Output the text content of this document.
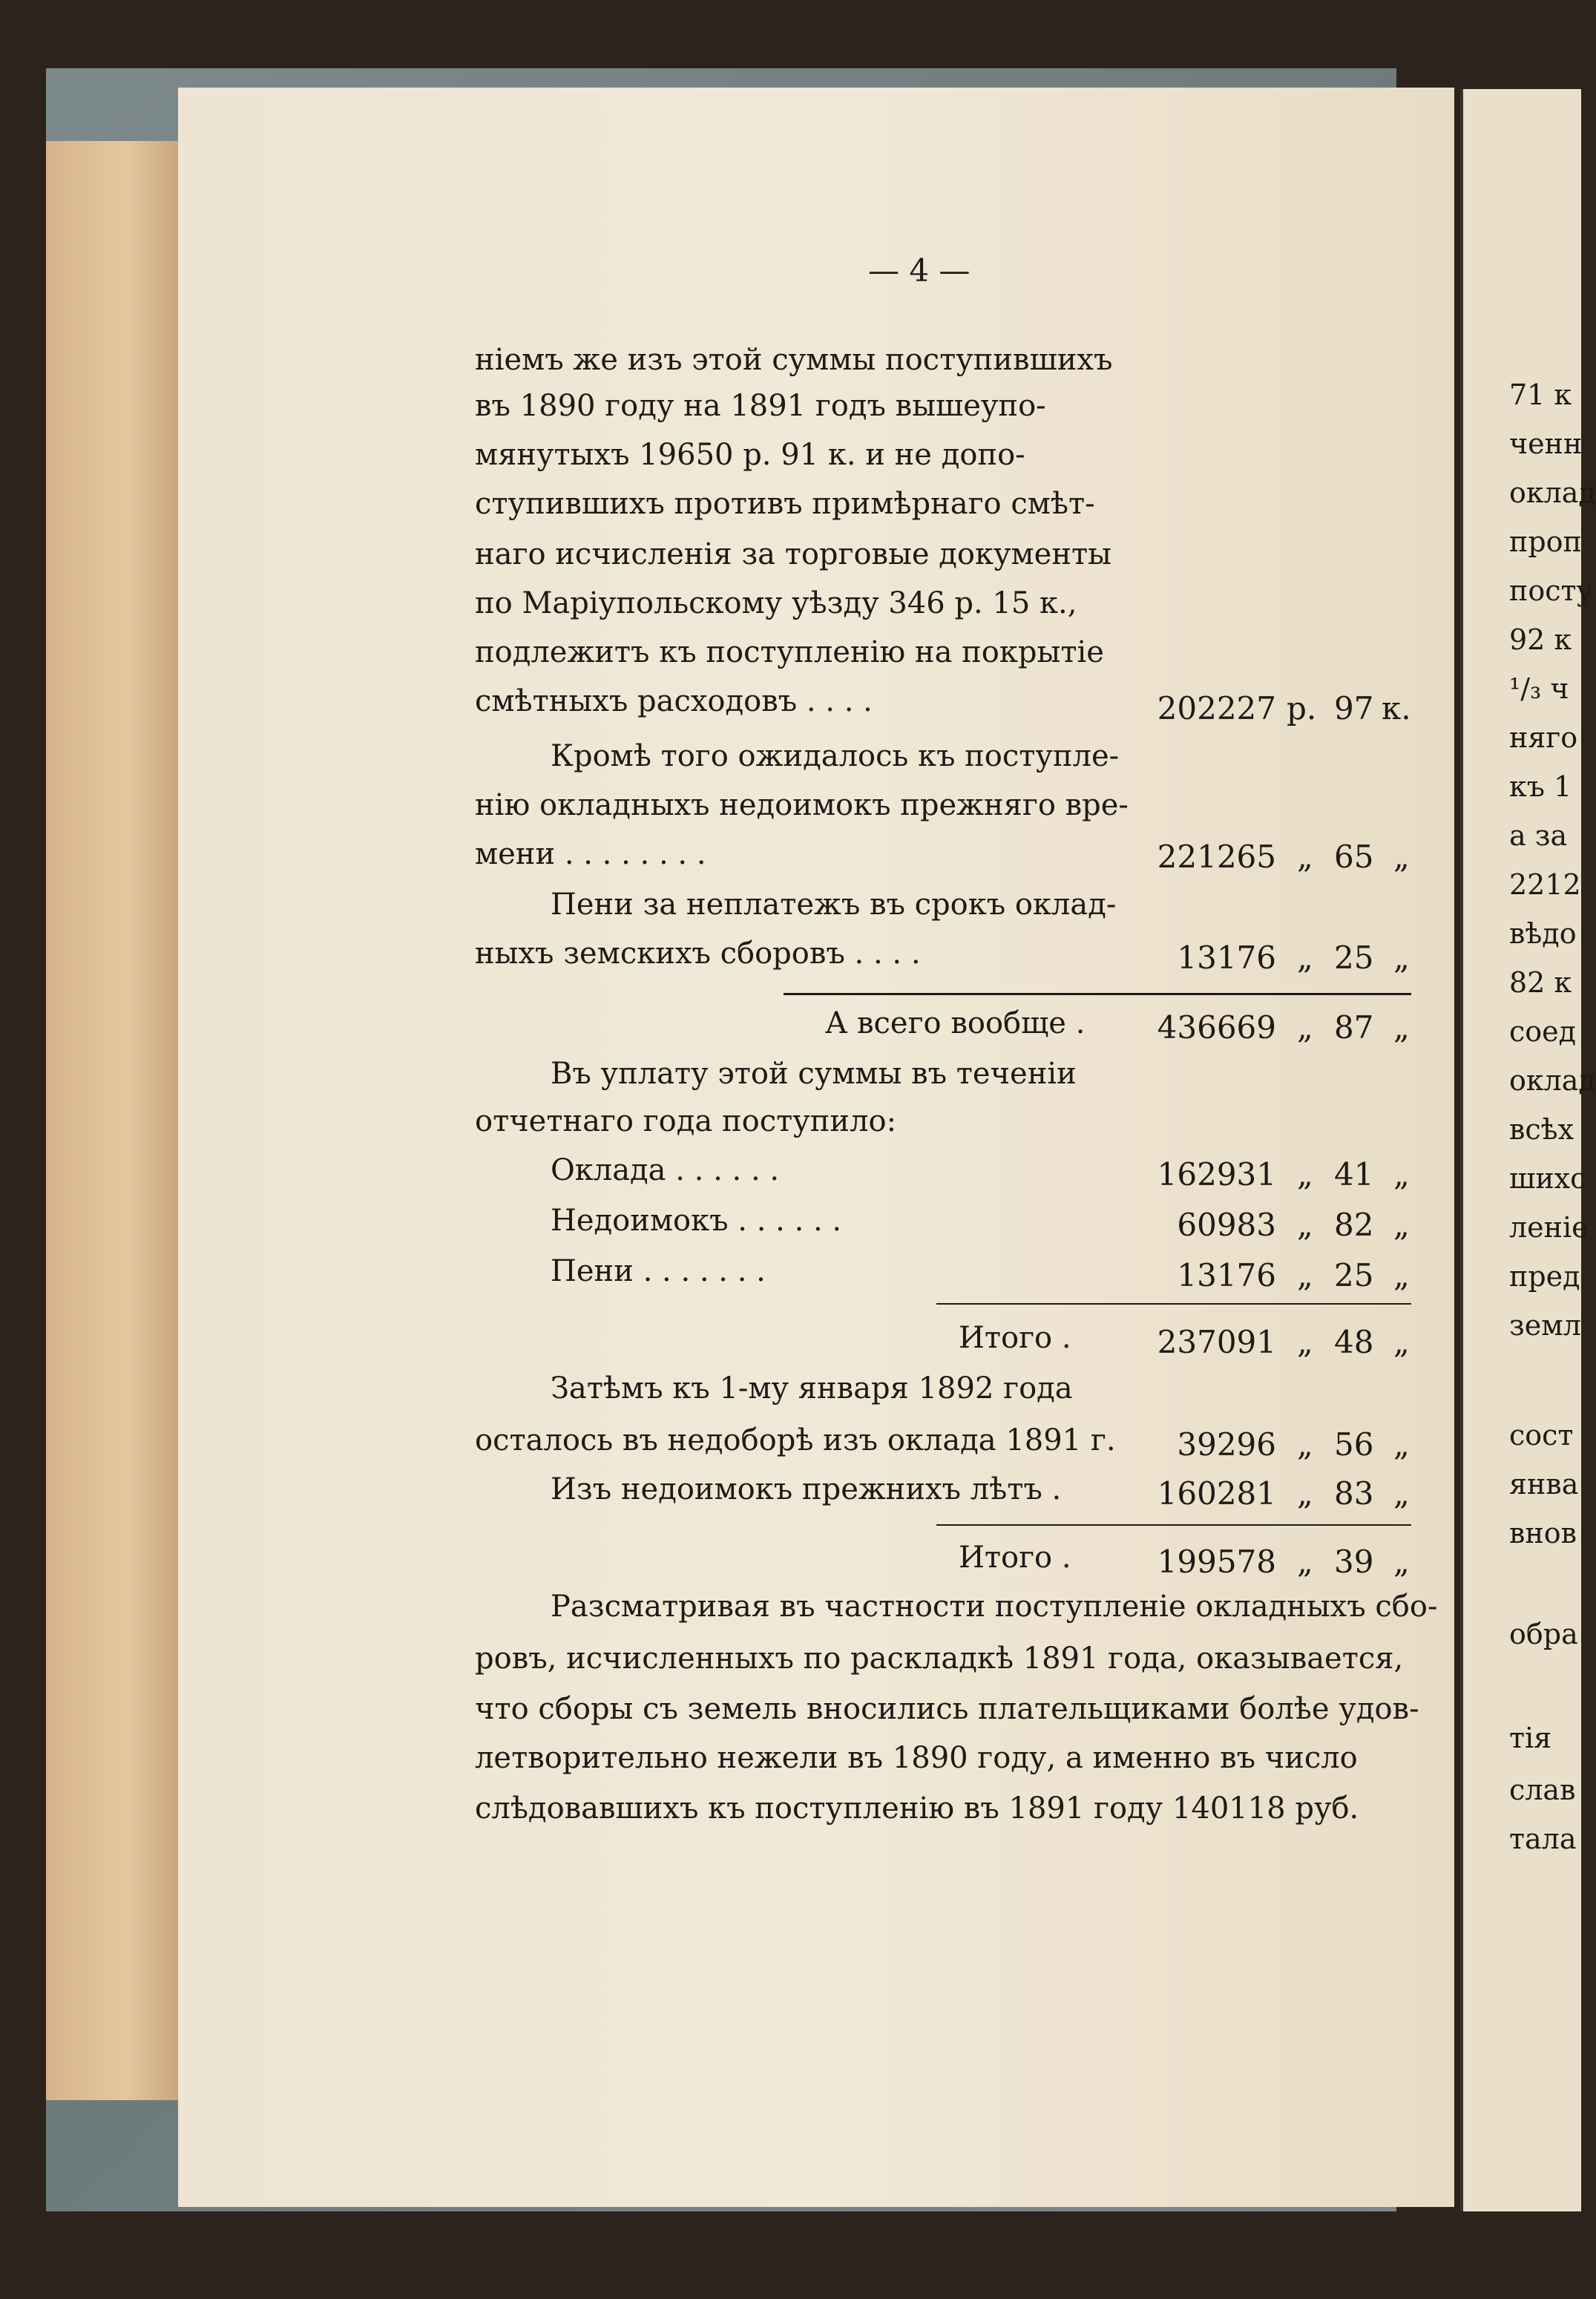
— 4 —
ніемъ же изъ этой суммы поступившихъ
въ 1890 году на 1891 годъ вышеупо-
мянутыхъ 19650 р. 91 к. и не допо-
ступившихъ противъ примѣрнаго смѣт-
наго исчисленія за торговые документы
по Маріупольскому уѣзду 346 р. 15 к.,
подлежитъ къ поступленію на покрытіе
смѣтныхъ расходовъ . . . .	202227 р. 97 к.
Кромѣ того ожидалось къ поступле-
нію окладныхъ недоимокъ прежняго вре-
мени . . . . . . . .	221265 „ 65 „
Пени за неплатежъ въ срокъ оклад-
ныхъ земскихъ сборовъ . . . .	13176 „ 25 „
А всего вообще .	436669 „ 87 „
Въ уплату этой суммы въ теченіи
отчетнаго года поступило:
Оклада . . . . . .	162931 „ 41 „
Недоимокъ . . . . . .	60983 „ 82 „
Пени . . . . . . .	13176 „ 25 „
Итого .	237091 „ 48 „
Затѣмъ къ 1-му января 1892 года
осталось въ недоборѣ изъ оклада 1891 г.	39296 „ 56 „
Изъ недоимокъ прежнихъ лѣтъ .	160281 „ 83 „
Итого .	199578 „ 39 „
Разсматривая въ частности поступленіе окладныхъ сбо-
ровъ, исчисленныхъ по раскладкѣ 1891 года, оказывается,
что сборы съ земель вносились плательщиками болѣе удов-
летворительно нежели въ 1890 году, а именно въ число
слѣдовавшихъ къ поступленію въ 1891 году 140118 руб.
71 к
ченн
оклад
проп
посту
92 к
¹/₃ ч
няго
къ 1
а за
2212
вѣдо
82 к
соед
оклад
всѣх
шихс
леніе
пред
земл
сост
янва
внов
обра
тія
слав
тала
